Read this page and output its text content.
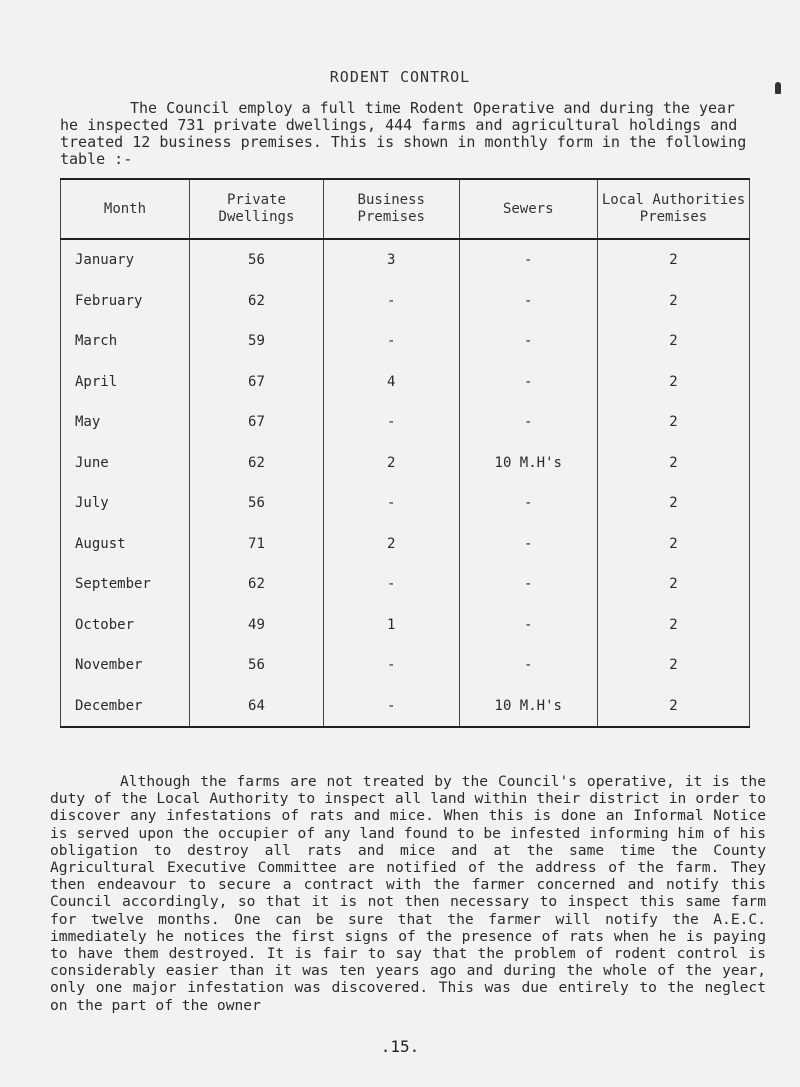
RODENT CONTROL
The Council employ a full time Rodent Operative and during the year he inspected 731 private dwellings, 444 farms and agricultural holdings and treated 12 business premises. This is shown in monthly form in the following table :-
Month	Private Dwellings	Business Premises	Sewers	Local Authorities Premises
January	56	3	-	2
February	62	-	-	2
March	59	-	-	2
April	67	4	-	2
May	67	-	-	2
June	62	2	10 M.H's	2
July	56	-	-	2
August	71	2	-	2
September	62	-	-	2
October	49	1	-	2
November	56	-	-	2
December	64	-	10 M.H's	2
Although the farms are not treated by the Council's operative, it is the duty of the Local Authority to inspect all land within their district in order to discover any infestations of rats and mice. When this is done an Informal Notice is served upon the occupier of any land found to be infested informing him of his obligation to destroy all rats and mice and at the same time the County Agricultural Executive Committee are notified of the address of the farm. They then endeavour to secure a contract with the farmer concerned and notify this Council accordingly, so that it is not then necessary to inspect this same farm for twelve months. One can be sure that the farmer will notify the A.E.C. immediately he notices the first signs of the presence of rats when he is paying to have them destroyed. It is fair to say that the problem of rodent control is considerably easier than it was ten years ago and during the whole of the year, only one major infestation was discovered. This was due entirely to the neglect on the part of the owner
.15.
